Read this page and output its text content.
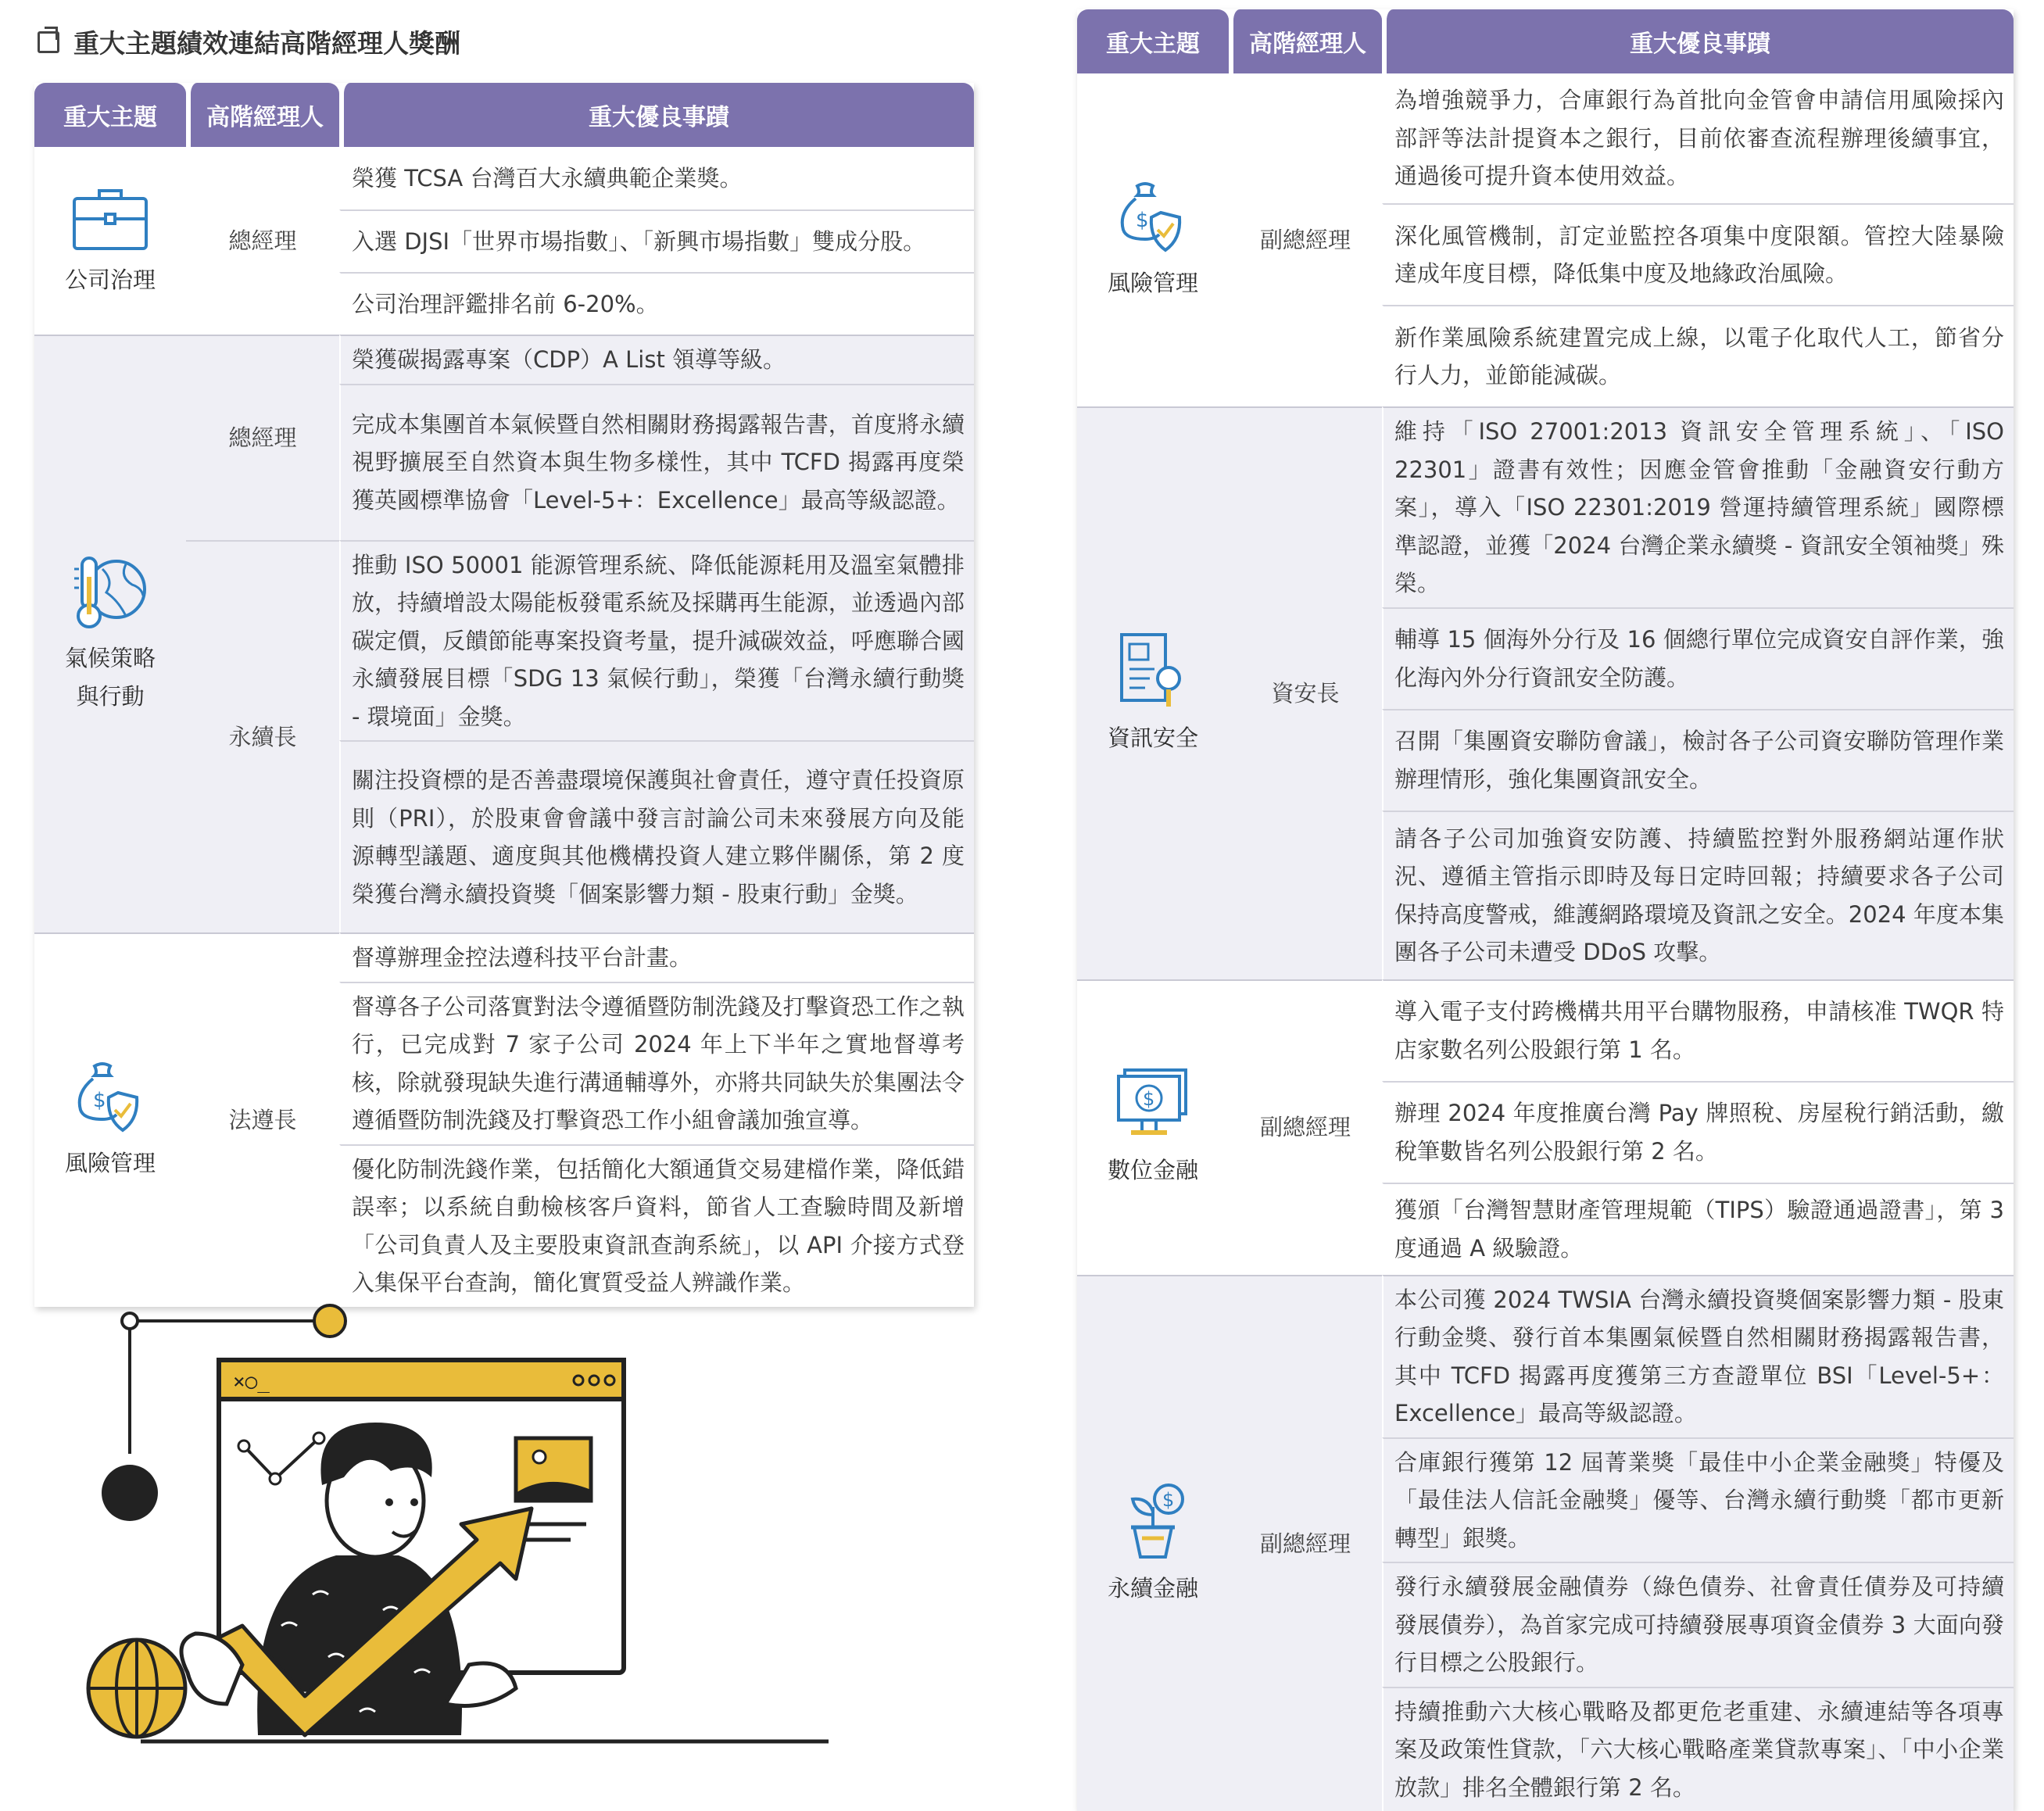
重大主題績效連結高階經理人獎酬
重大主題	高階經理人	重大優良事蹟

公司治理	總經理	榮獲 TCSA 台灣百大永續典範企業獎。
		入選 DJSI「世界市場指數」、「新興市場指數」雙成分股。
		公司治理評鑑排名前 6-20%。

氣候策略
與行動	總經理	榮獲碳揭露專案（CDP）A List 領導等級。
		完成本集團首本氣候暨自然相關財務揭露報告書，首度將永續視野擴展至自然資本與生物多樣性，其中 TCFD 揭露再度榮獲英國標準協會「Level-5+：Excellence」最高等級認證。
	永續長	推動 ISO 50001 能源管理系統、降低能源耗用及溫室氣體排放，持續增設太陽能板發電系統及採購再生能源，並透過內部碳定價，反饋節能專案投資考量，提升減碳效益，呼應聯合國永續發展目標「SDG 13 氣候行動」，榮獲「台灣永續行動獎 - 環境面」金獎。
		關注投資標的是否善盡環境保護與社會責任，遵守責任投資原則（PRI），於股東會會議中發言討論公司未來發展方向及能源轉型議題、適度與其他機構投資人建立夥伴關係，第 2 度榮獲台灣永續投資獎「個案影響力類 - 股東行動」金獎。

$
風險管理	法遵長	督導辦理金控法遵科技平台計畫。
		督導各子公司落實對法令遵循暨防制洗錢及打擊資恐工作之執行，已完成對 7 家子公司 2024 年上下半年之實地督導考核，除就發現缺失進行溝通輔導外，亦將共同缺失於集團法令遵循暨防制洗錢及打擊資恐工作小組會議加強宣導。
		優化防制洗錢作業，包括簡化大額通貨交易建檔作業，降低錯誤率；以系統自動檢核客戶資料，節省人工查驗時間及新增「公司負責人及主要股東資訊查詢系統」，以 API 介接方式登入集保平台查詢，簡化實質受益人辨識作業。
重大主題	高階經理人	重大優良事蹟

$
風險管理	副總經理	為增強競爭力，合庫銀行為首批向金管會申請信用風險採內部評等法計提資本之銀行，目前依審查流程辦理後續事宜，通過後可提升資本使用效益。
		深化風管機制，訂定並監控各項集中度限額。管控大陸暴險達成年度目標，降低集中度及地緣政治風險。
		新作業風險系統建置完成上線，以電子化取代人工，節省分行人力，並節能減碳。

資訊安全	資安長	維持「ISO 27001:2013 資訊安全管理系統」、「ISO 22301」證書有效性；因應金管會推動「金融資安行動方案」，導入「ISO 22301:2019 營運持續管理系統」國際標準認證，並獲「2024 台灣企業永續獎 - 資訊安全領袖獎」殊榮。
		輔導 15 個海外分行及 16 個總行單位完成資安自評作業，強化海內外分行資訊安全防護。
		召開「集團資安聯防會議」，檢討各子公司資安聯防管理作業辦理情形，強化集團資訊安全。
		請各子公司加強資安防護、持續監控對外服務網站運作狀況、遵循主管指示即時及每日定時回報；持續要求各子公司保持高度警戒，維護網路環境及資訊之安全。2024 年度本集團各子公司未遭受 DDoS 攻擊。

$
數位金融	副總經理	導入電子支付跨機構共用平台購物服務，申請核准 TWQR 特店家數名列公股銀行第 1 名。
		辦理 2024 年度推廣台灣 Pay 牌照稅、房屋稅行銷活動，繳稅筆數皆名列公股銀行第 2 名。
		獲頒「台灣智慧財產管理規範（TIPS）驗證通過證書」，第 3 度通過 A 級驗證。

$
永續金融	副總經理	本公司獲 2024 TWSIA 台灣永續投資獎個案影響力類 - 股東行動金獎、發行首本集團氣候暨自然相關財務揭露報告書，其中 TCFD 揭露再度獲第三方查證單位 BSI「Level-5+：Excellence」最高等級認證。
		合庫銀行獲第 12 屆菁業獎「最佳中小企業金融獎」特優及「最佳法人信託金融獎」優等、台灣永續行動獎「都市更新轉型」銀獎。
		發行永續發展金融債券（綠色債券、社會責任債券及可持續發展債券），為首家完成可持續發展專項資金債券 3 大面向發行目標之公股銀行。
		持續推動六大核心戰略及都更危老重建、永續連結等各項專案及政策性貸款，「六大核心戰略產業貸款專案」、「中小企業放款」排名全體銀行第 2 名。
×○_
